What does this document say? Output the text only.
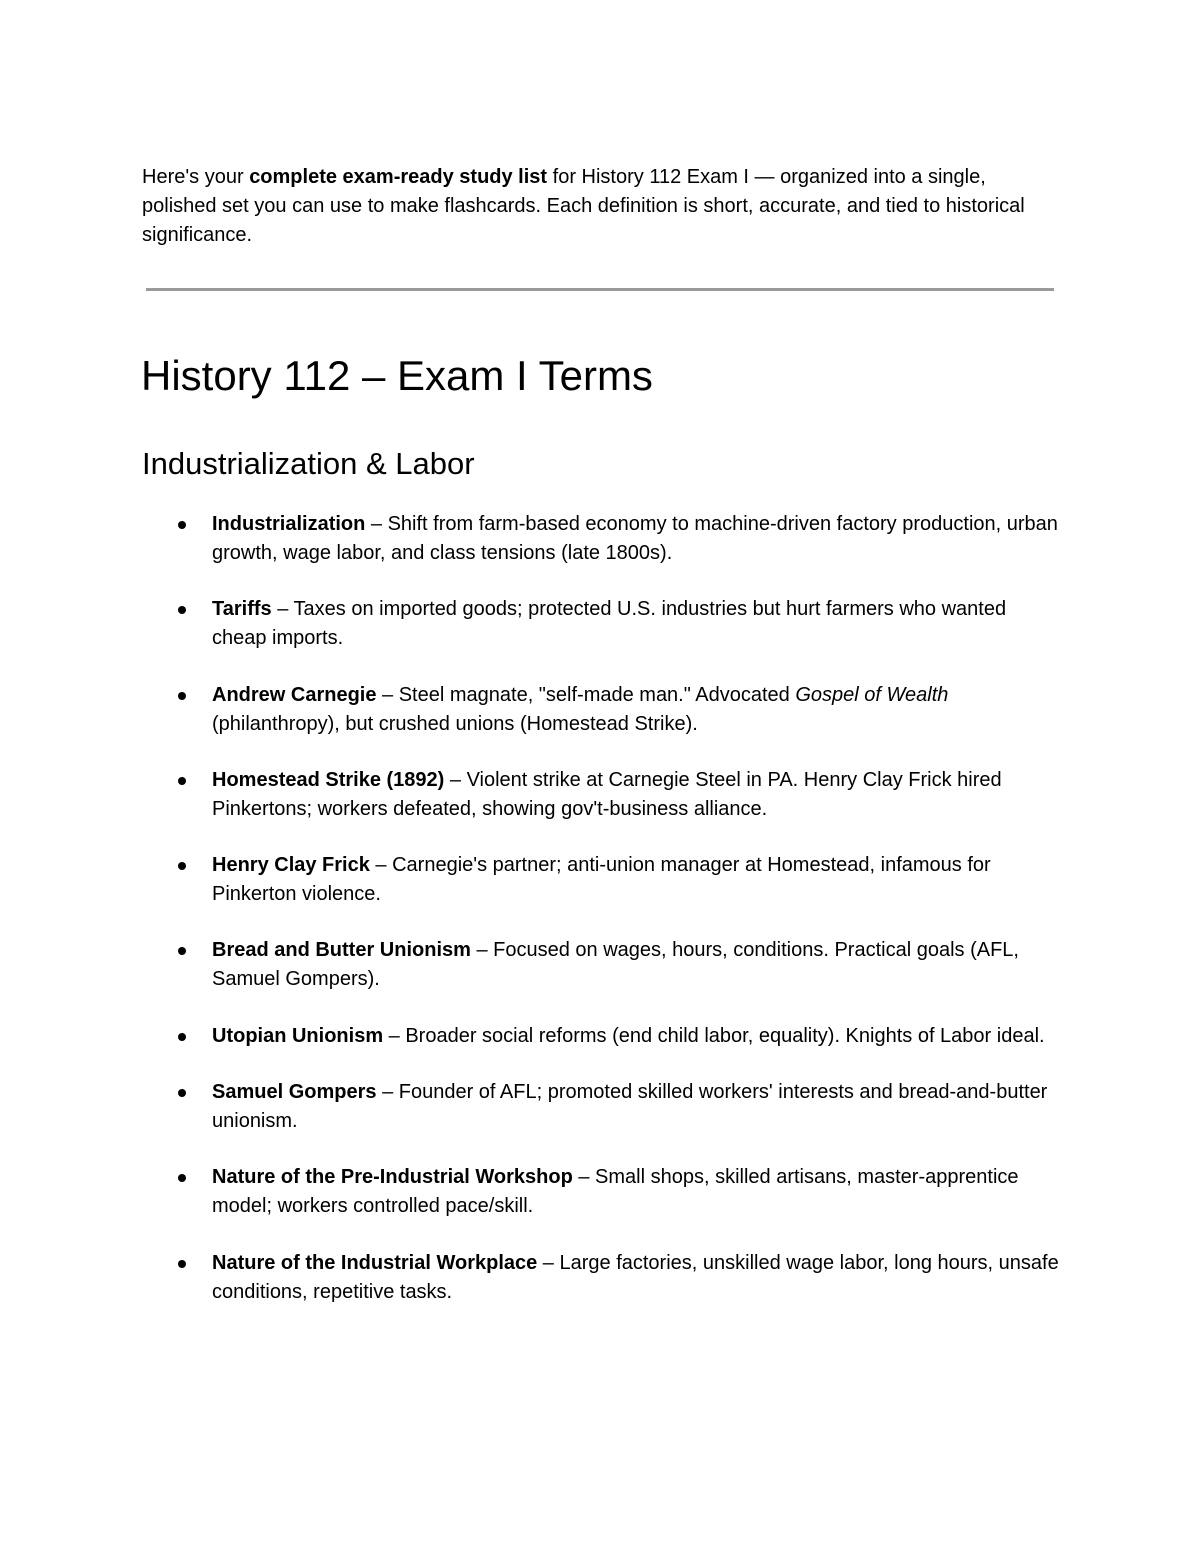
Here's your complete exam-ready study list for History 112 Exam I — organized into a single, polished set you can use to make flashcards. Each definition is short, accurate, and tied to historical significance.

History 112 – Exam I Terms
Industrialization & Labor
Industrialization – Shift from farm-based economy to machine-driven factory production, urban growth, wage labor, and class tensions (late 1800s).
Tariffs – Taxes on imported goods; protected U.S. industries but hurt farmers who wanted cheap imports.
Andrew Carnegie – Steel magnate, "self-made man." Advocated Gospel of Wealth (philanthropy), but crushed unions (Homestead Strike).
Homestead Strike (1892) – Violent strike at Carnegie Steel in PA. Henry Clay Frick hired Pinkertons; workers defeated, showing gov't-business alliance.
Henry Clay Frick – Carnegie's partner; anti-union manager at Homestead, infamous for Pinkerton violence.
Bread and Butter Unionism – Focused on wages, hours, conditions. Practical goals (AFL, Samuel Gompers).
Utopian Unionism – Broader social reforms (end child labor, equality). Knights of Labor ideal.
Samuel Gompers – Founder of AFL; promoted skilled workers' interests and bread-and-butter unionism.
Nature of the Pre-Industrial Workshop – Small shops, skilled artisans, master-apprentice model; workers controlled pace/skill.
Nature of the Industrial Workplace – Large factories, unskilled wage labor, long hours, unsafe conditions, repetitive tasks.
